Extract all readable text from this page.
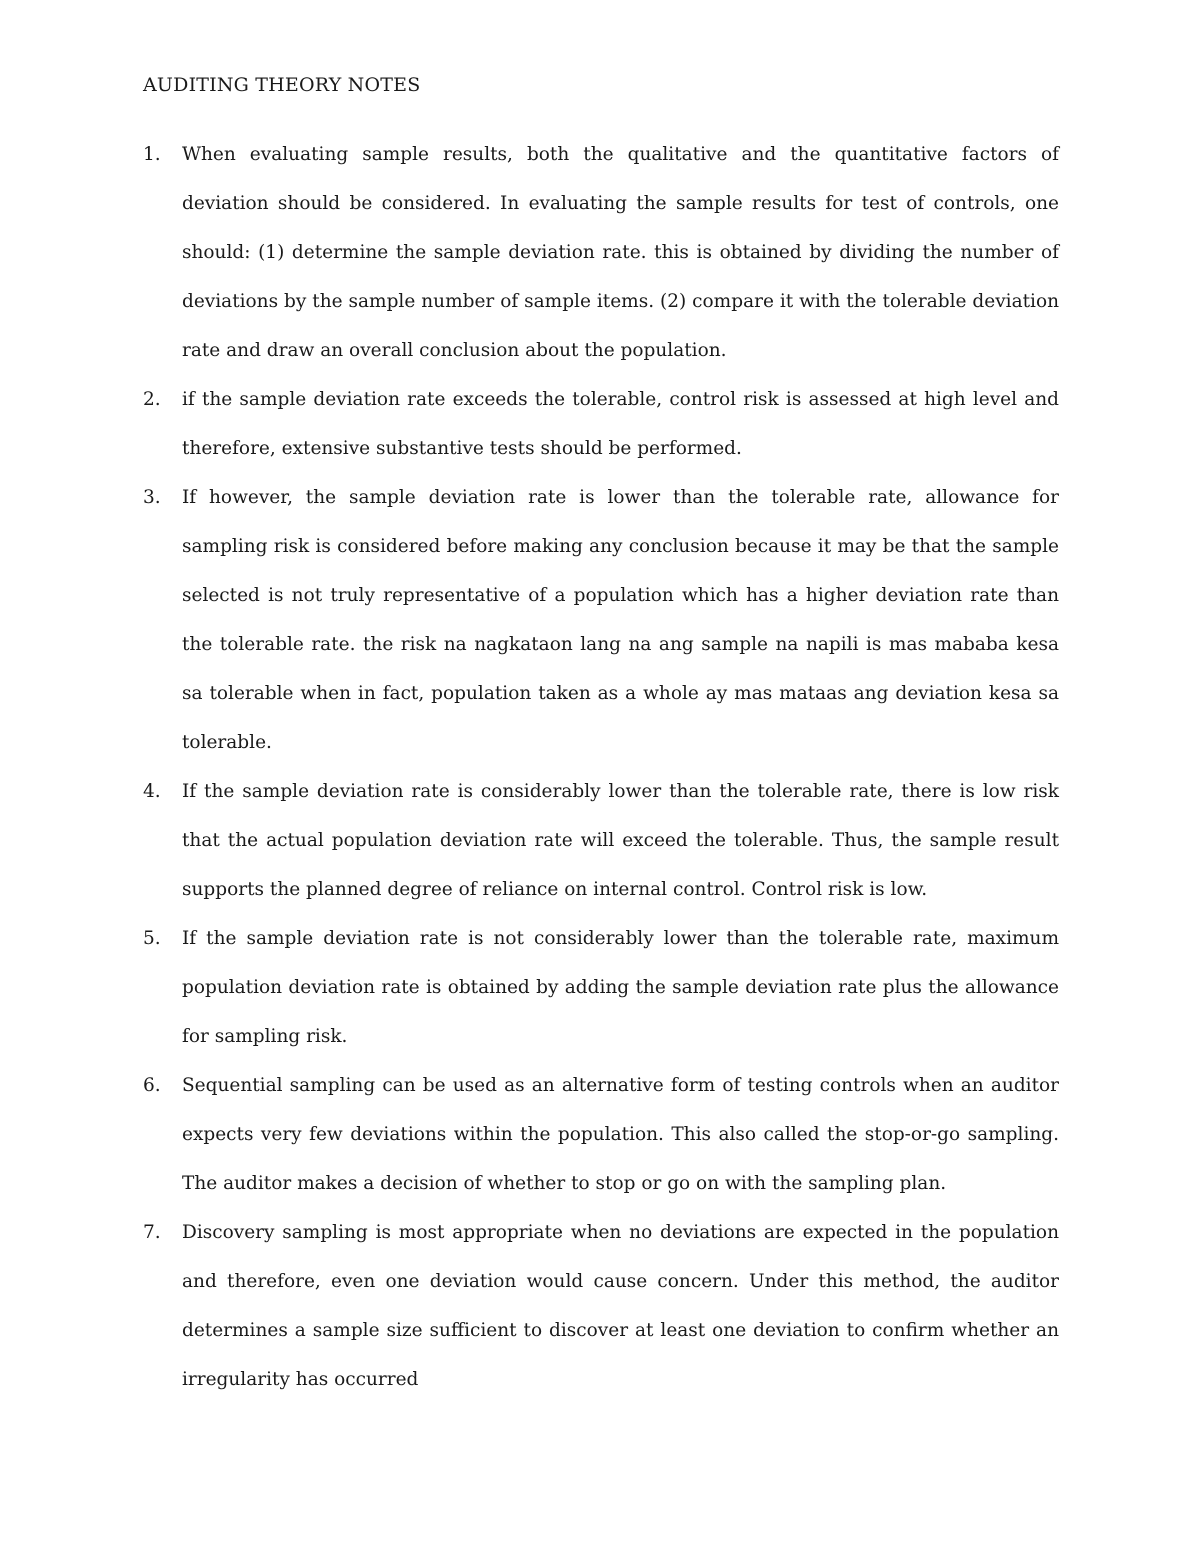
AUDITING THEORY NOTES
1.	When evaluating sample results, both the qualitative and the quantitative factors of deviation should be considered. In evaluating the sample results for test of controls, one should: (1) determine the sample deviation rate. this is obtained by dividing the number of deviations by the sample number of sample items. (2) compare it with the tolerable deviation rate and draw an overall conclusion about the population.
2.	if the sample deviation rate exceeds the tolerable, control risk is assessed at high level and therefore, extensive substantive tests should be performed.
3.	If however, the sample deviation rate is lower than the tolerable rate, allowance for sampling risk is considered before making any conclusion because it may be that the sample selected is not truly representative of a population which has a higher deviation rate than the tolerable rate. the risk na nagkataon lang na ang sample na napili is mas mababa kesa sa tolerable when in fact, population taken as a whole ay mas mataas ang deviation kesa sa tolerable.
4.	If the sample deviation rate is considerably lower than the tolerable rate, there is low risk that the actual population deviation rate will exceed the tolerable. Thus, the sample result supports the planned degree of reliance on internal control. Control risk is low.
5.	If the sample deviation rate is not considerably lower than the tolerable rate, maximum population deviation rate is obtained by adding the sample deviation rate plus the allowance for sampling risk.
6.	Sequential sampling can be used as an alternative form of testing controls when an auditor expects very few deviations within the population. This also called the stop-or-go sampling. The auditor makes a decision of whether to stop or go on with the sampling plan.
7.	Discovery sampling is most appropriate when no deviations are expected in the population and therefore, even one deviation would cause concern. Under this method, the auditor determines a sample size sufficient to discover at least one deviation to confirm whether an irregularity has occurred
